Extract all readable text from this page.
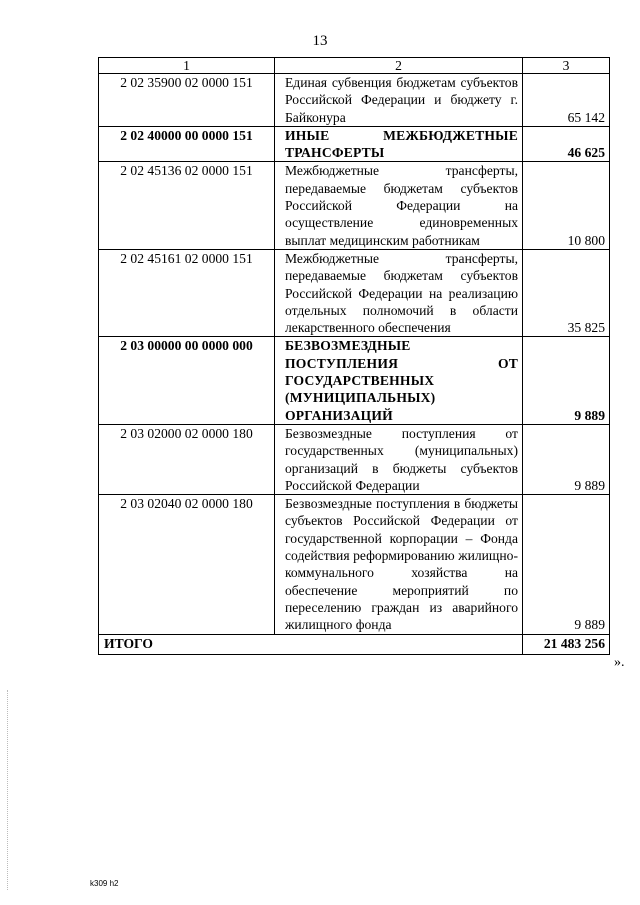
13
1	2	3
2 02 35900 02 0000 151	Единая субвенция бюджетам субъектов Российской Федерации и бюджету г. Байконура	65 142
2 02 40000 00 0000 151	ИНЫЕ МЕЖБЮДЖЕТНЫЕ ТРАНСФЕРТЫ	46 625
2 02 45136 02 0000 151	Межбюджетные трансферты, передаваемые бюджетам субъектов Российской Федерации на осуществление единовременных выплат медицинским работникам	10 800
2 02 45161 02 0000 151	Межбюджетные трансферты, передаваемые бюджетам субъектов Российской Федерации на реализацию отдельных полномочий в области лекарственного обеспечения	35 825
2 03 00000 00 0000 000	БЕЗВОЗМЕЗДНЫЕ ПОСТУПЛЕНИЯ ОТ ГОСУДАРСТВЕННЫХ (МУНИЦИПАЛЬНЫХ) ОРГАНИЗАЦИЙ	9 889
2 03 02000 02 0000 180	Безвозмездные поступления от государственных (муниципальных) организаций в бюджеты субъектов Российской Федерации	9 889
2 03 02040 02 0000 180	Безвозмездные поступления в бюджеты субъектов Российской Федерации от государственной корпорации – Фонда содействия реформированию жилищно-коммунального хозяйства на обеспечение мероприятий по переселению граждан из аварийного жилищного фонда	9 889
ИТОГО		21 483 256
».
k309 h2
